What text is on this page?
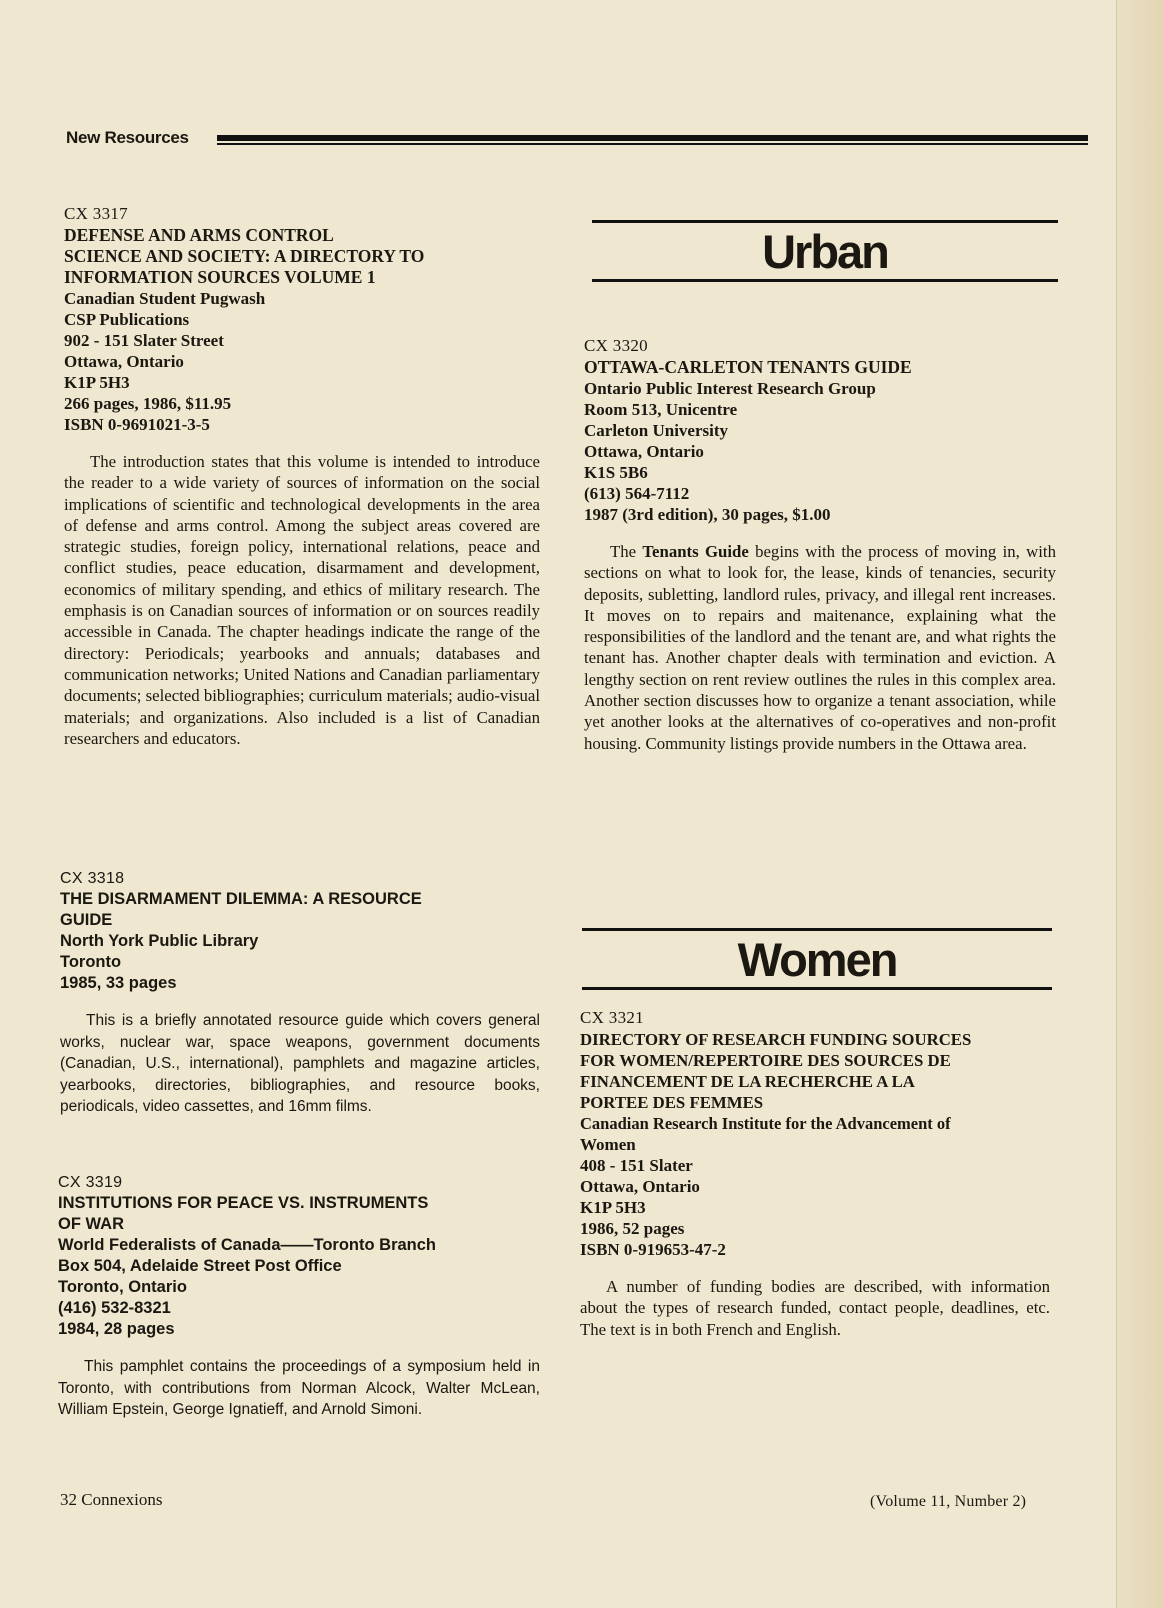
New Resources
CX 3317
DEFENSE AND ARMS CONTROL
SCIENCE AND SOCIETY: A DIRECTORY TO
INFORMATION SOURCES VOLUME 1
Canadian Student Pugwash
CSP Publications
902 - 151 Slater Street
Ottawa, Ontario
K1P 5H3
266 pages, 1986, $11.95
ISBN 0-9691021-3-5
The introduction states that this volume is intended to introduce the reader to a wide variety of sources of information on the social implications of scientific and technological developments in the area of defense and arms control. Among the subject areas covered are strategic studies, foreign policy, international relations, peace and conflict studies, peace education, disarmament and development, economics of military spending, and ethics of military research. The emphasis is on Canadian sources of information or on sources readily accessible in Canada. The chapter headings indicate the range of the directory: Periodicals; yearbooks and annuals; databases and communication networks; United Nations and Canadian parliamentary documents; selected bibliographies; curriculum materials; audio-visual materials; and organizations. Also included is a list of Canadian researchers and educators.
CX 3318
THE DISARMAMENT DILEMMA: A RESOURCE
GUIDE
North York Public Library
Toronto
1985, 33 pages
This is a briefly annotated resource guide which covers general works, nuclear war, space weapons, government documents (Canadian, U.S., international), pamphlets and magazine articles, yearbooks, directories, bibliographies, and resource books, periodicals, video cassettes, and 16mm films.
CX 3319
INSTITUTIONS FOR PEACE VS. INSTRUMENTS
OF WAR
World Federalists of Canada——Toronto Branch
Box 504, Adelaide Street Post Office
Toronto, Ontario
(416) 532-8321
1984, 28 pages
This pamphlet contains the proceedings of a symposium held in Toronto, with contributions from Norman Alcock, Walter McLean, William Epstein, George Ignatieff, and Arnold Simoni.
Urban
CX 3320
OTTAWA-CARLETON TENANTS GUIDE
Ontario Public Interest Research Group
Room 513, Unicentre
Carleton University
Ottawa, Ontario
K1S 5B6
(613) 564-7112
1987 (3rd edition), 30 pages, $1.00
The Tenants Guide begins with the process of moving in, with sections on what to look for, the lease, kinds of tenancies, security deposits, subletting, landlord rules, privacy, and illegal rent increases. It moves on to repairs and maitenance, explaining what the responsibilities of the landlord and the tenant are, and what rights the tenant has. Another chapter deals with termination and eviction. A lengthy section on rent review outlines the rules in this complex area. Another section discusses how to organize a tenant association, while yet another looks at the alternatives of co-operatives and non-profit housing. Community listings provide numbers in the Ottawa area.
Women
CX 3321
DIRECTORY OF RESEARCH FUNDING SOURCES
FOR WOMEN/REPERTOIRE DES SOURCES DE
FINANCEMENT DE LA RECHERCHE A LA
PORTEE DES FEMMES
Canadian Research Institute for the Advancement of
Women
408 - 151 Slater
Ottawa, Ontario
K1P 5H3
1986, 52 pages
ISBN 0-919653-47-2
A number of funding bodies are described, with information about the types of research funded, contact people, deadlines, etc. The text is in both French and English.
32 Connexions	(Volume 11, Number 2)
